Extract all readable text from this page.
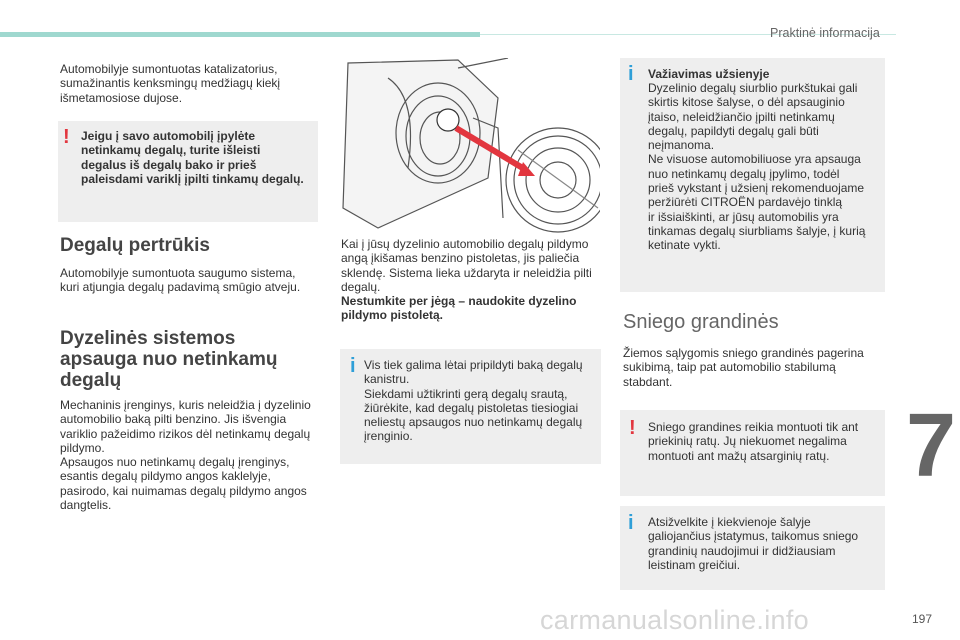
Praktinė informacija
Automobilyje sumontuotas katalizatorius,
sumažinantis kenksmingų medžiagų kiekį
išmetamosiose dujose.
! Jeigu į savo automobilį įpylėte
netinkamų degalų, turite išleisti
degalus iš degalų bako ir prieš
paleisdami variklį įpilti tinkamų degalų.
Degalų pertrūkis
Automobilyje sumontuota saugumo sistema,
kuri atjungia degalų padavimą smūgio atveju.
Dyzelinės sistemos
apsauga nuo netinkamų
degalų
Mechaninis įrenginys, kuris neleidžia į dyzelinio
automobilio baką pilti benzino. Jis išvengia
variklio pažeidimo rizikos dėl netinkamų degalų
pildymo.
Apsaugos nuo netinkamų degalų įrenginys,
esantis degalų pildymo angos kaklelyje,
pasirodo, kai nuimamas degalų pildymo angos
dangtelis.
Kai į jūsų dyzelinio automobilio degalų pildymo
angą įkišamas benzino pistoletas, jis paliečia
sklendę. Sistema lieka uždaryta ir neleidžia pilti
degalų.
Nestumkite per jėgą – naudokite dyzelino
pildymo pistoletą.
i Vis tiek galima lėtai pripildyti baką degalų
kanistru.
Siekdami užtikrinti gerą degalų srautą,
žiūrėkite, kad degalų pistoletas tiesiogiai
neliestų apsaugos nuo netinkamų degalų
įrenginio.
i Važiavimas užsienyje
Dyzelinio degalų siurblio purkštukai gali
skirtis kitose šalyse, o dėl apsauginio
įtaiso, neleidžiančio įpilti netinkamų
degalų, papildyti degalų gali būti
neįmanoma.
Ne visuose automobiliuose yra apsauga
nuo netinkamų degalų įpylimo, todėl
prieš vykstant į užsienį rekomenduojame
peržiūrėti CITROËN pardavėjo tinklą
ir išsiaiškinti, ar jūsų automobilis yra
tinkamas degalų siurbliams šalyje, į kurią
ketinate vykti.
Sniego grandinės
Žiemos sąlygomis sniego grandinės pagerina
sukibimą, taip pat automobilio stabilumą
stabdant.
! Sniego grandines reikia montuoti tik ant
priekinių ratų. Jų niekuomet negalima
montuoti ant mažų atsarginių ratų.
i Atsižvelkite į kiekvienoje šalyje
galiojančius įstatymus, taikomus sniego
grandinių naudojimui ir didžiausiam
leistinam greičiui.
7
carmanualsonline.info	197
